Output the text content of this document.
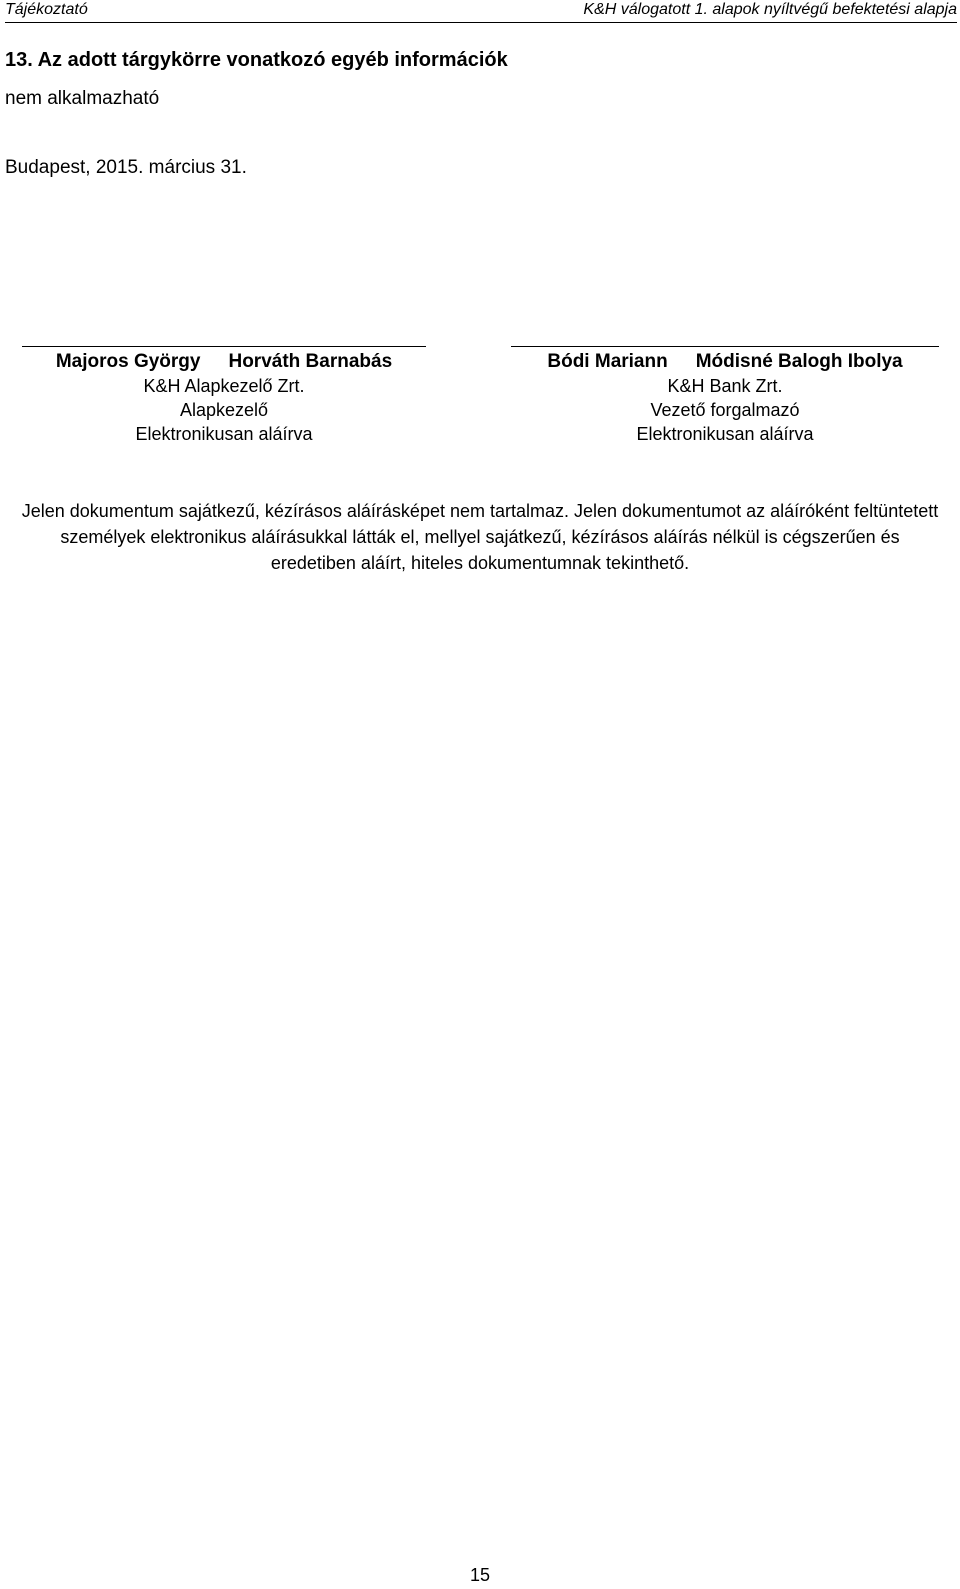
Tájékoztató	K&H válogatott 1. alapok nyíltvégű befektetési alapja
13. Az adott tárgykörre vonatkozó egyéb információk
nem alkalmazható
Budapest, 2015. március 31.
Majoros György Horváth Barnabás
K&H Alapkezelő Zrt.
Alapkezelő
Elektronikusan aláírva
Bódi Mariann Módisné Balogh Ibolya
K&H Bank Zrt.
Vezető forgalmazó
Elektronikusan aláírva
Jelen dokumentum sajátkezű, kézírásos aláírásképet nem tartalmaz. Jelen dokumentumot az aláíróként feltüntetett személyek elektronikus aláírásukkal látták el, mellyel sajátkezű, kézírásos aláírás nélkül is cégszerűen és eredetiben aláírt, hiteles dokumentumnak tekinthető.
15
